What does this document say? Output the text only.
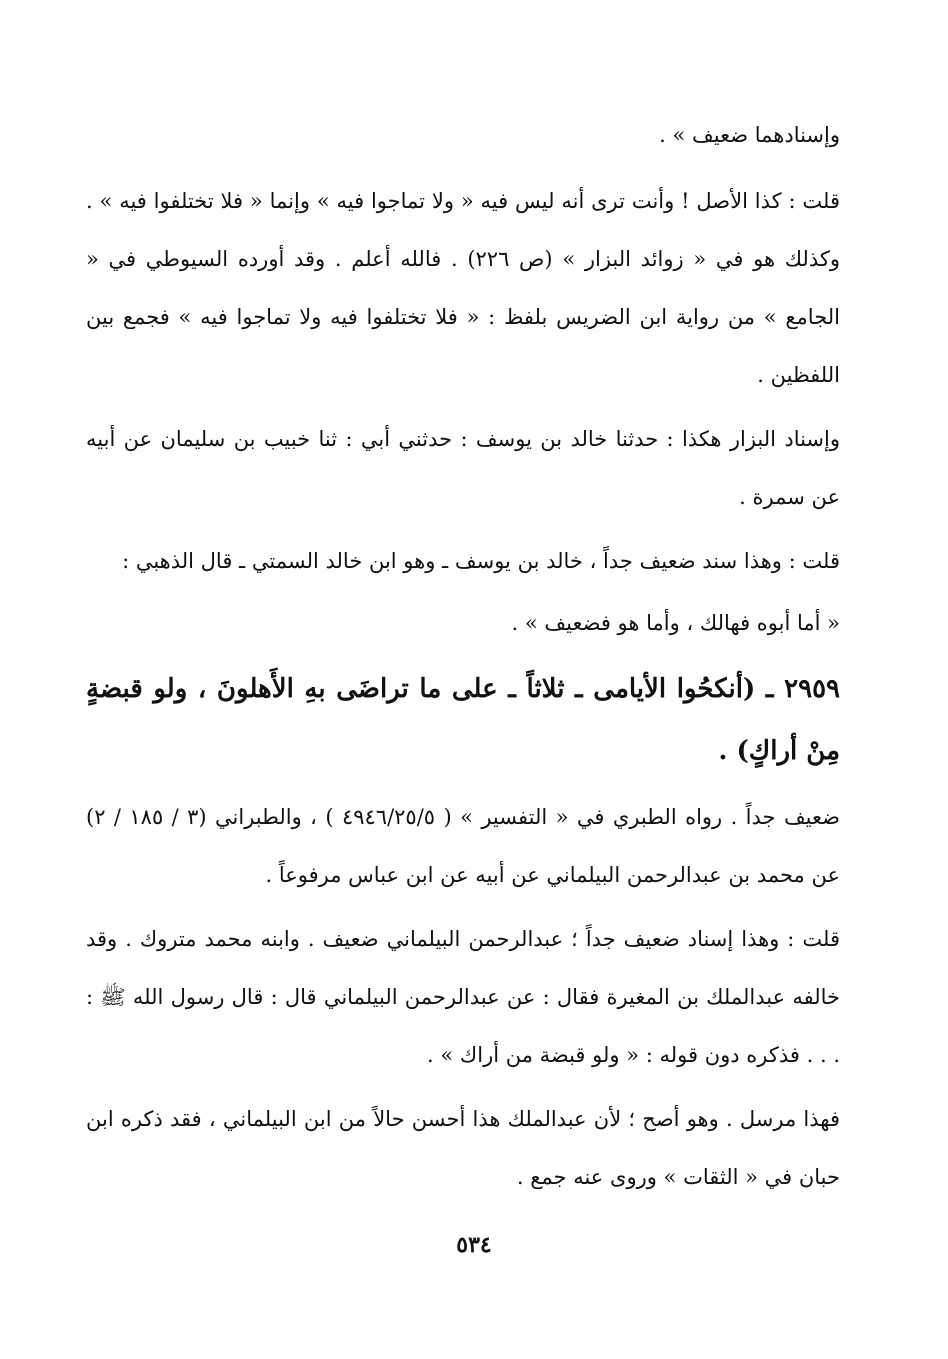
وإسنادهما ضعيف » .

قلت : كذا الأصل ! وأنت ترى أنه ليس فيه « ولا تماجوا فيه » وإنما « فلا تختلفوا فيه » . وكذلك هو في « زوائد البزار » (ص ٢٢٦) . فالله أعلم . وقد أورده السيوطي في « الجامع » من رواية ابن الضريس بلفظ : « فلا تختلفوا فيه ولا تماجوا فيه » فجمع بين اللفظين .

وإسناد البزار هكذا : حدثنا خالد بن يوسف : حدثني أبي : ثنا خبيب بن سليمان عن أبيه عن سمرة .

قلت : وهذا سند ضعيف جداً ، خالد بن يوسف ـ وهو ابن خالد السمتي ـ قال الذهبي :

« أما أبوه فهالك ، وأما هو فضعيف » .

٢٩٥٩ ـ (أنكحُوا الأيامى ـ ثلاثاً ـ على ما تراضَى بهِ الأَهلونَ ، ولو قبضةٍ مِنْ أراكٍ) .

ضعيف جداً . رواه الطبري في « التفسير » ( ٤٩٤٦/٢٥/٥ ) ، والطبراني (٣ / ١٨٥ / ٢) عن محمد بن عبدالرحمن البيلماني عن أبيه عن ابن عباس مرفوعاً .

قلت : وهذا إسناد ضعيف جداً ؛ عبدالرحمن البيلماني ضعيف . وابنه محمد متروك . وقد خالفه عبدالملك بن المغيرة فقال : عن عبدالرحمن البيلماني قال : قال رسول الله ﷺ : . . . فذكره دون قوله : « ولو قبضة من أراك » .

فهذا مرسل . وهو أصح ؛ لأن عبدالملك هذا أحسن حالاً من ابن البيلماني ، فقد ذكره ابن حبان في « الثقات » وروى عنه جمع .

٥٣٤
